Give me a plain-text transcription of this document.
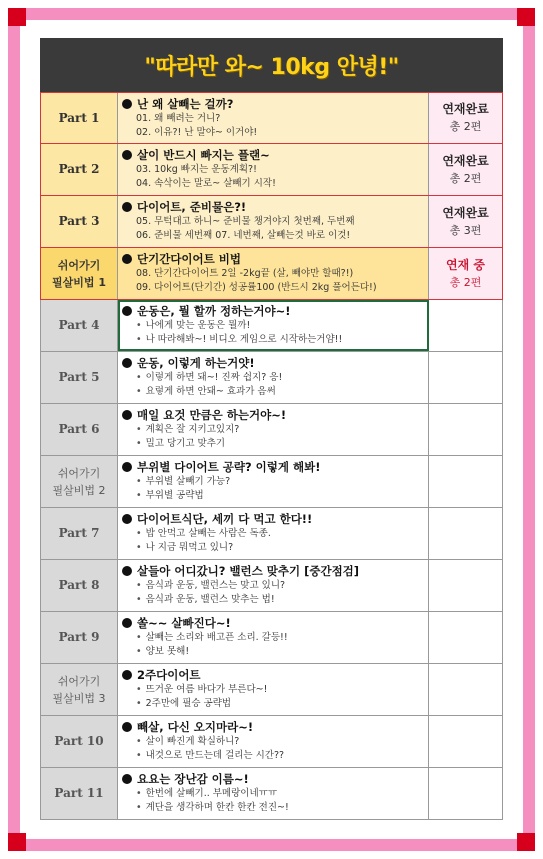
"따라만 와~ 10kg 안녕!"
Part 1
난 왜 살빼는 걸까?
01. 왜 빼려는 거니?
02. 이유?! 난 말야~ 이거야!
연재완료
총 2편
Part 2
살이 반드시 빠지는 플랜~
03. 10kg 빠지는 운동계획?!
04. 속삭이는 말로~ 살빼기 시작!
연재완료
총 2편
Part 3
다이어트, 준비물은?!
05. 무턱대고 하니~ 준비물 챙겨야지 첫번째, 두번째
06. 준비물 세번째 07. 네번째, 살빼는것 바로 이것!
연재완료
총 3편
쉬어가기
필살비법 1
단기간다이어트 비법
08. 단기간다이어트 2일 -2kg끝 (살, 빼야만 할때?!)
09. 다이어트(단기간) 성공률100 (반드시 2kg 풀어든다!)
연재 중
총 2편
Part 4
운동은, 뭘 할까 정하는거야~!
• 나에게 맞는 운동은 뭘까!
• 나 따라해봐~! 비디오 게임으로 시작하는거얌!!
Part 5
운동, 이렇게 하는거얏!
• 이렇게 하면 돼~! 진짜 쉽지? 응!
• 요렇게 하면 안돼~ 효과가 음써
Part 6
매일 요것 만큼은 하는거야~!
• 계획은 잘 지키고있지?
• 밀고 당기고 맞추기
쉬어가기
필살비법 2
부위별 다이어트 공략? 이렇게 해봐!
• 부위별 살빼기 가능?
• 부위별 공략법
Part 7
다이어트식단, 세끼 다 먹고 한다!!
• 밥 안먹고 살빼는 사람은 독종.
• 나 지금 뭐먹고 있니?
Part 8
살들아 어디갔니? 밸런스 맞추기 [중간점검]
• 음식과 운동, 밸런스는 맞고 있니?
• 음식과 운동, 밸런스 맞추는 법!
Part 9
쏠~~ 살빠진다~!
• 살빼는 소리와 배고픈 소리. 갈등!!
• 양보 못해!
쉬어가기
필살비법 3
2주다이어트
• 뜨거운 여름 바다가 부른다~!
• 2주만에 필승 공략법
Part 10
빼살, 다신 오지마라~!
• 살이 빠진게 확실하니?
• 내것으로 만드는데 걸리는 시간??
Part 11
요요는 장난감 이름~!
• 한번에 살빼기.. 부메랑이네ㅠㅠ
• 계단을 생각하며 한칸 한칸 전진~!
